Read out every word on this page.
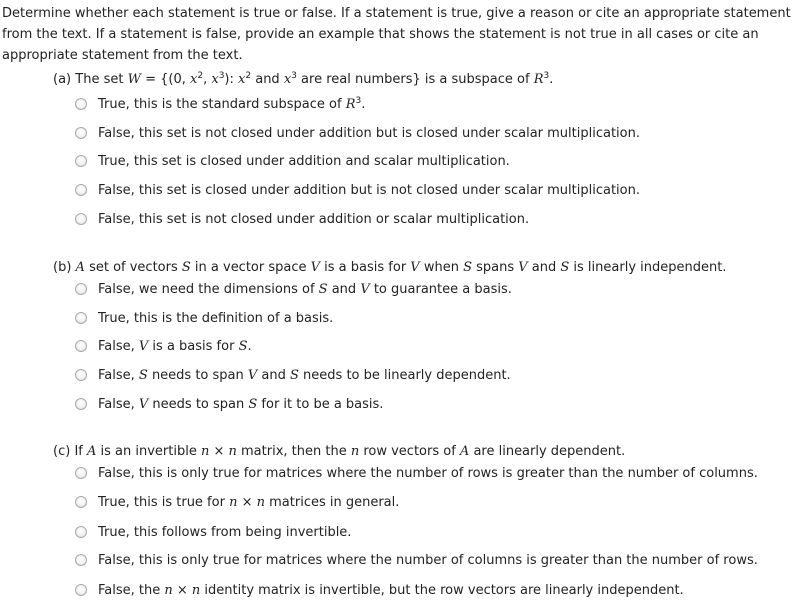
Determine whether each statement is true or false. If a statement is true, give a reason or cite an appropriate statement from the text. If a statement is false, provide an example that shows the statement is not true in all cases or cite an appropriate statement from the text.

(a) The set W = {(0, $x^2$, $x^3$): $x^2$ and $x^3$ are real numbers} is a subspace of $R^3$.
True, this is the standard subspace of $R^3$.
False, this set is not closed under addition but is closed under scalar multiplication.
True, this set is closed under addition and scalar multiplication.
False, this set is closed under addition but is not closed under scalar multiplication.
False, this set is not closed under addition or scalar multiplication.
(b) A set of vectors S in a vector space V is a basis for V when S spans V and S is linearly independent.
False, we need the dimensions of S and V to guarantee a basis.
True, this is the definition of a basis.
False, V is a basis for S.
False, S needs to span V and S needs to be linearly dependent.
False, V needs to span S for it to be a basis.
(c) If A is an invertible n × n matrix, then the n row vectors of A are linearly dependent.
False, this is only true for matrices where the number of rows is greater than the number of columns.
True, this is true for n × n matrices in general.
True, this follows from being invertible.
False, this is only true for matrices where the number of columns is greater than the number of rows.
False, the n × n identity matrix is invertible, but the row vectors are linearly independent.
